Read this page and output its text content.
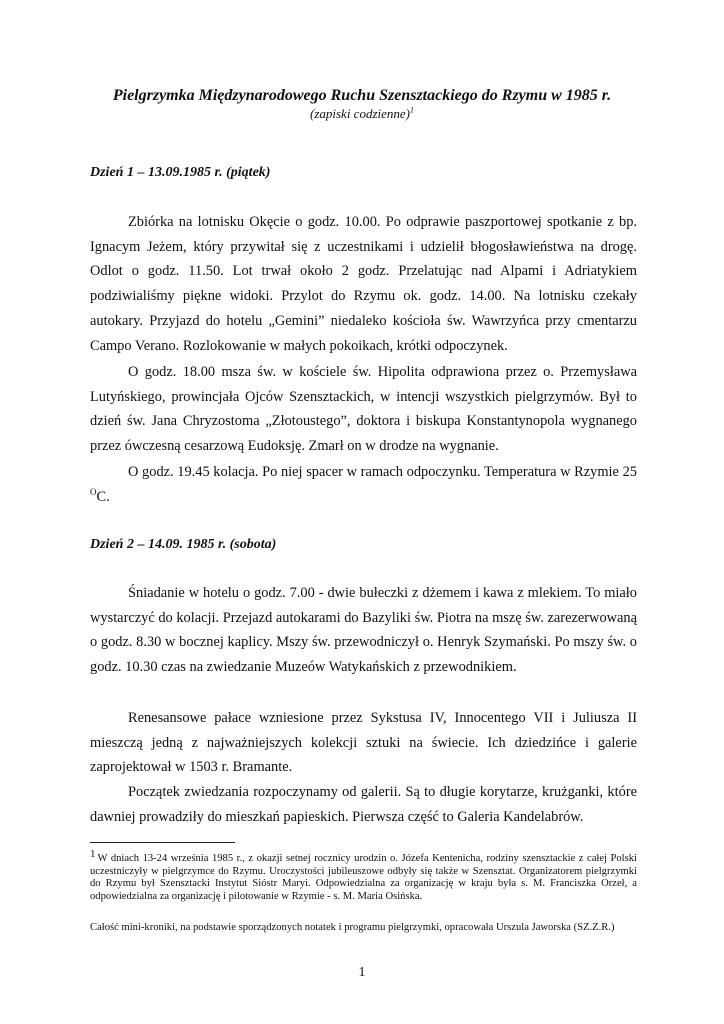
Pielgrzymka Międzynarodowego Ruchu Szensztackiego do Rzymu w 1985 r.
(zapiski codzienne)$^1$
Dzień 1 – 13.09.1985 r. (piątek)

Zbiórka na lotnisku Okęcie o godz. 10.00. Po odprawie paszportowej spotkanie z bp. Ignacym Jeżem, który przywitał się z uczestnikami i udzielił błogosławieństwa na drogę. Odlot o godz. 11.50. Lot trwał około 2 godz. Przelatując nad Alpami i Adriatykiem podziwialiśmy piękne widoki. Przylot do Rzymu ok. godz. 14.00. Na lotnisku czekały autokary. Przyjazd do hotelu „Gemini” niedaleko kościoła św. Wawrzyńca przy cmentarzu Campo Verano. Rozlokowanie w małych pokoikach, krótki odpoczynek.

O godz. 18.00 msza św. w kościele św. Hipolita odprawiona przez o. Przemysława Lutyńskiego, prowincjała Ojców Szensztackich, w intencji wszystkich pielgrzymów. Był to dzień św. Jana Chryzostoma „Złotoustego”, doktora i biskupa Konstantynopola wygnanego przez ówczesną cesarzową Eudoksję. Zmarł on w drodze na wygnanie.

O godz. 19.45 kolacja. Po niej spacer w ramach odpoczynku. Temperatura w Rzymie 25 $^O$C.

Dzień 2 – 14.09. 1985 r. (sobota)

Śniadanie w hotelu o godz. 7.00 - dwie bułeczki z dżemem i kawa z mlekiem. To miało wystarczyć do kolacji. Przejazd autokarami do Bazyliki św. Piotra na mszę św. zarezerwowaną o godz. 8.30 w bocznej kaplicy. Mszy św. przewodniczył o. Henryk Szymański. Po mszy św. o godz. 10.30 czas na zwiedzanie Muzeów Watykańskich z przewodnikiem.

Renesansowe pałace wzniesione przez Sykstusa IV, Innocentego VII i Juliusza II mieszczą jedną z najważniejszych kolekcji sztuki na świecie. Ich dziedzińce i galerie zaprojektował w 1503 r. Bramante.

Początek zwiedzania rozpoczynamy od galerii. Są to długie korytarze, krużganki, które dawniej prowadziły do mieszkań papieskich. Pierwsza część to Galeria Kandelabrów.

1 W dniach 13-24 września 1985 r., z okazji setnej rocznicy urodzin o. Józefa Kentenicha, rodziny szensztackie z całej Polski uczestniczyły w pielgrzymce do Rzymu. Uroczystości jubileuszowe odbyły się także w Szensztat. Organizatorem pielgrzymki do Rzymu był Szensztacki Instytut Sióstr Maryi. Odpowiedzialna za organizację w kraju była s. M. Franciszka Orzeł, a odpowiedzialna za organizację i pilotowanie w Rzymie - s. M. Maria Osińska.

Całość mini-kroniki, na podstawie sporządzonych notatek i programu pielgrzymki, opracowała Urszula Jaworska (SZ.Z.R.)

1
